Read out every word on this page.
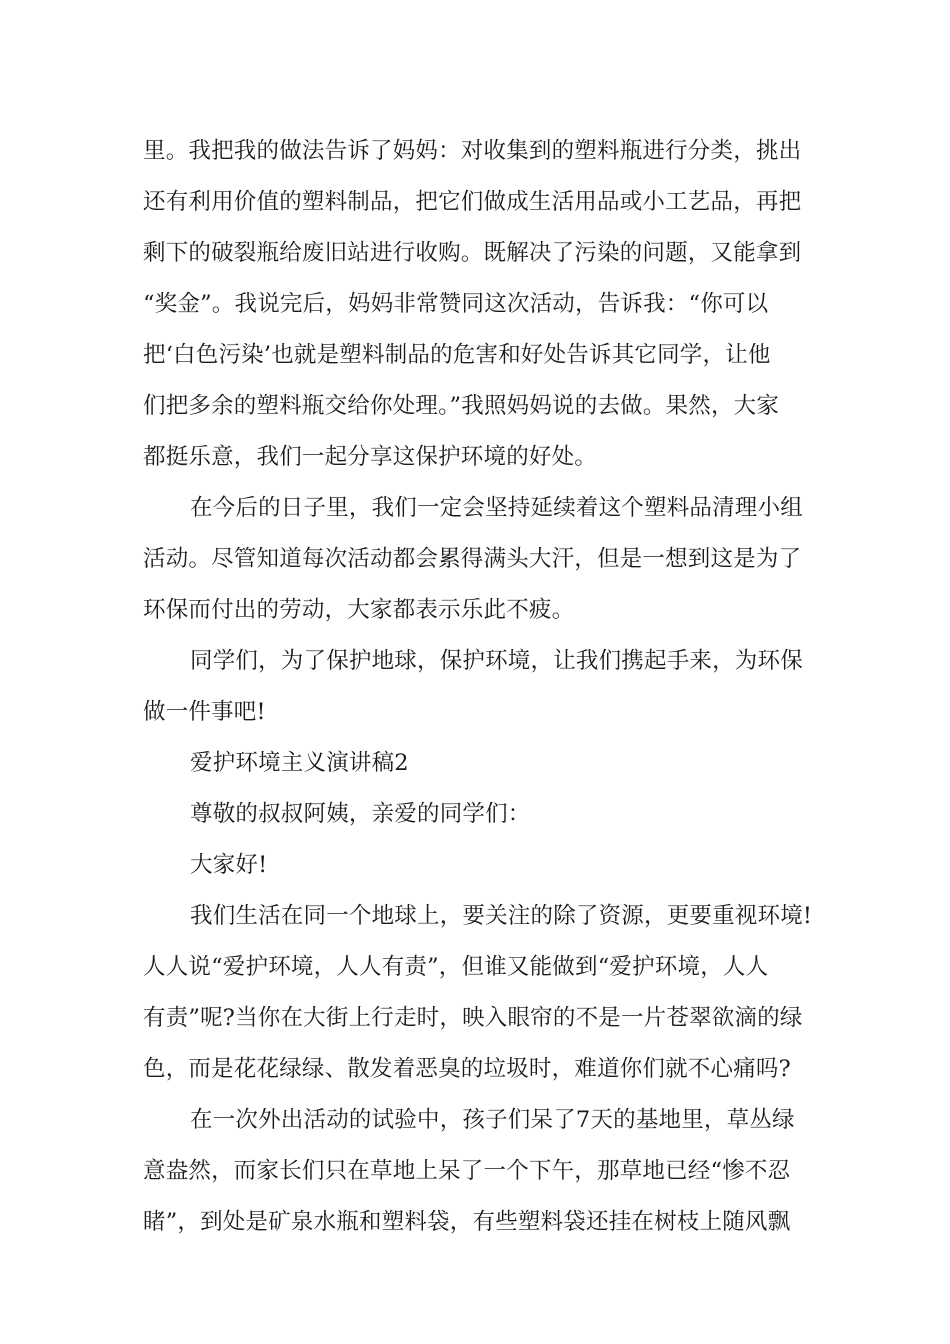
里。我把我的做法告诉了妈妈：对收集到的塑料瓶进行分类，挑出
还有利用价值的塑料制品，把它们做成生活用品或小工艺品，再把
剩下的破裂瓶给废旧站进行收购。既解决了污染的问题，又能拿到
“奖金”。我说完后，妈妈非常赞同这次活动，告诉我：“你可以
把‘白色污染’也就是塑料制品的危害和好处告诉其它同学，让他
们把多余的塑料瓶交给你处理。”我照妈妈说的去做。果然，大家
都挺乐意，我们一起分享这保护环境的好处。
在今后的日子里，我们一定会坚持延续着这个塑料品清理小组
活动。尽管知道每次活动都会累得满头大汗，但是一想到这是为了
环保而付出的劳动，大家都表示乐此不疲。
同学们，为了保护地球，保护环境，让我们携起手来，为环保
做一件事吧!
爱护环境主义演讲稿2
尊敬的叔叔阿姨，亲爱的同学们：
大家好!
我们生活在同一个地球上，要关注的除了资源，更要重视环境!
人人说“爱护环境，人人有责”，但谁又能做到“爱护环境，人人
有责”呢?当你在大街上行走时，映入眼帘的不是一片苍翠欲滴的绿
色，而是花花绿绿、散发着恶臭的垃圾时，难道你们就不心痛吗?
在一次外出活动的试验中，孩子们呆了7天的基地里，草丛绿
意盎然，而家长们只在草地上呆了一个下午，那草地已经“惨不忍
睹”，到处是矿泉水瓶和塑料袋，有些塑料袋还挂在树枝上随风飘
